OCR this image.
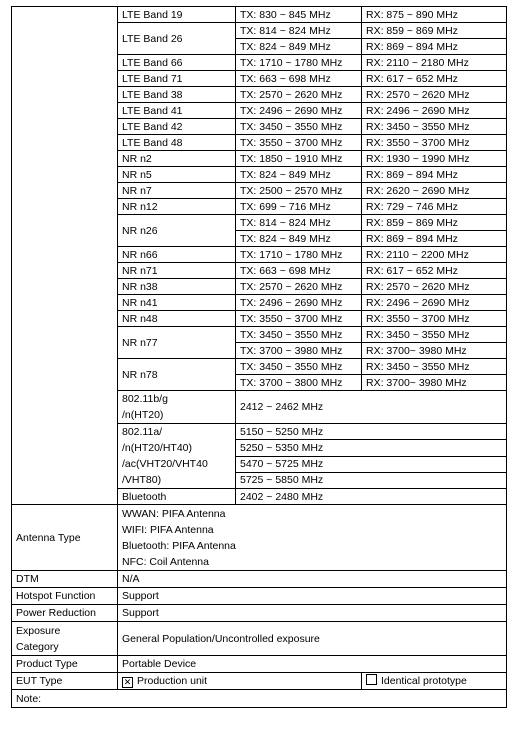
	LTE Band 19	TX: 830 ~ 845 MHz	RX: 875 ~ 890 MHz
	LTE Band 26	TX: 814 ~ 824 MHz	RX: 859 ~ 869 MHz
		TX: 824 ~ 849 MHz	RX: 869 ~ 894 MHz
	LTE Band 66	TX: 1710 ~ 1780 MHz	RX: 2110 ~ 2180 MHz
	LTE Band 71	TX: 663 ~ 698 MHz	RX: 617 ~ 652 MHz
	LTE Band 38	TX: 2570 ~ 2620 MHz	RX: 2570 ~ 2620 MHz
	LTE Band 41	TX: 2496 ~ 2690 MHz	RX: 2496 ~ 2690 MHz
	LTE Band 42	TX: 3450 ~ 3550 MHz	RX: 3450 ~ 3550 MHz
	LTE Band 48	TX: 3550 ~ 3700 MHz	RX: 3550 ~ 3700 MHz
	NR n2	TX: 1850 ~ 1910 MHz	RX: 1930 ~ 1990 MHz
	NR n5	TX: 824 ~ 849 MHz	RX: 869 ~ 894 MHz
	NR n7	TX: 2500 ~ 2570 MHz	RX: 2620 ~ 2690 MHz
	NR n12	TX: 699 ~ 716 MHz	RX: 729 ~ 746 MHz
	NR n26	TX: 814 ~ 824 MHz	RX: 859 ~ 869 MHz
		TX: 824 ~ 849 MHz	RX: 869 ~ 894 MHz
	NR n66	TX: 1710 ~ 1780 MHz	RX: 2110 ~ 2200 MHz
	NR n71	TX: 663 ~ 698 MHz	RX: 617 ~ 652 MHz
	NR n38	TX: 2570 ~ 2620 MHz	RX: 2570 ~ 2620 MHz
	NR n41	TX: 2496 ~ 2690 MHz	RX: 2496 ~ 2690 MHz
	NR n48	TX: 3550 ~ 3700 MHz	RX: 3550 ~ 3700 MHz
	NR n77	TX: 3450 ~ 3550 MHz	RX: 3450 ~ 3550 MHz
		TX: 3700 ~ 3980 MHz	RX: 3700~ 3980 MHz
	NR n78	TX: 3450 ~ 3550 MHz	RX: 3450 ~ 3550 MHz
		TX: 3700 ~ 3800 MHz	RX: 3700~ 3980 MHz
	802.11b/g
/n(HT20)	2412 ~ 2462 MHz	
	802.11a/
/n(HT20/HT40)
/ac(VHT20/VHT40
/VHT80)	5150 ~ 5250 MHz	
		5250 ~ 5350 MHz	
		5470 ~ 5725 MHz	
		5725 ~ 5850 MHz	
	Bluetooth	2402 ~ 2480 MHz	
Antenna Type	WWAN: PIFA Antenna
WIFI: PIFA Antenna
Bluetooth: PIFA Antenna
NFC: Coil Antenna		

DTM	N/A		
Hotspot Function	Support		
Power Reduction	Support		
Exposure
Category	General Population/Uncontrolled exposure		
Product Type	Portable Device		
EUT Type	✕ Production unit		Identical prototype
Note:			
